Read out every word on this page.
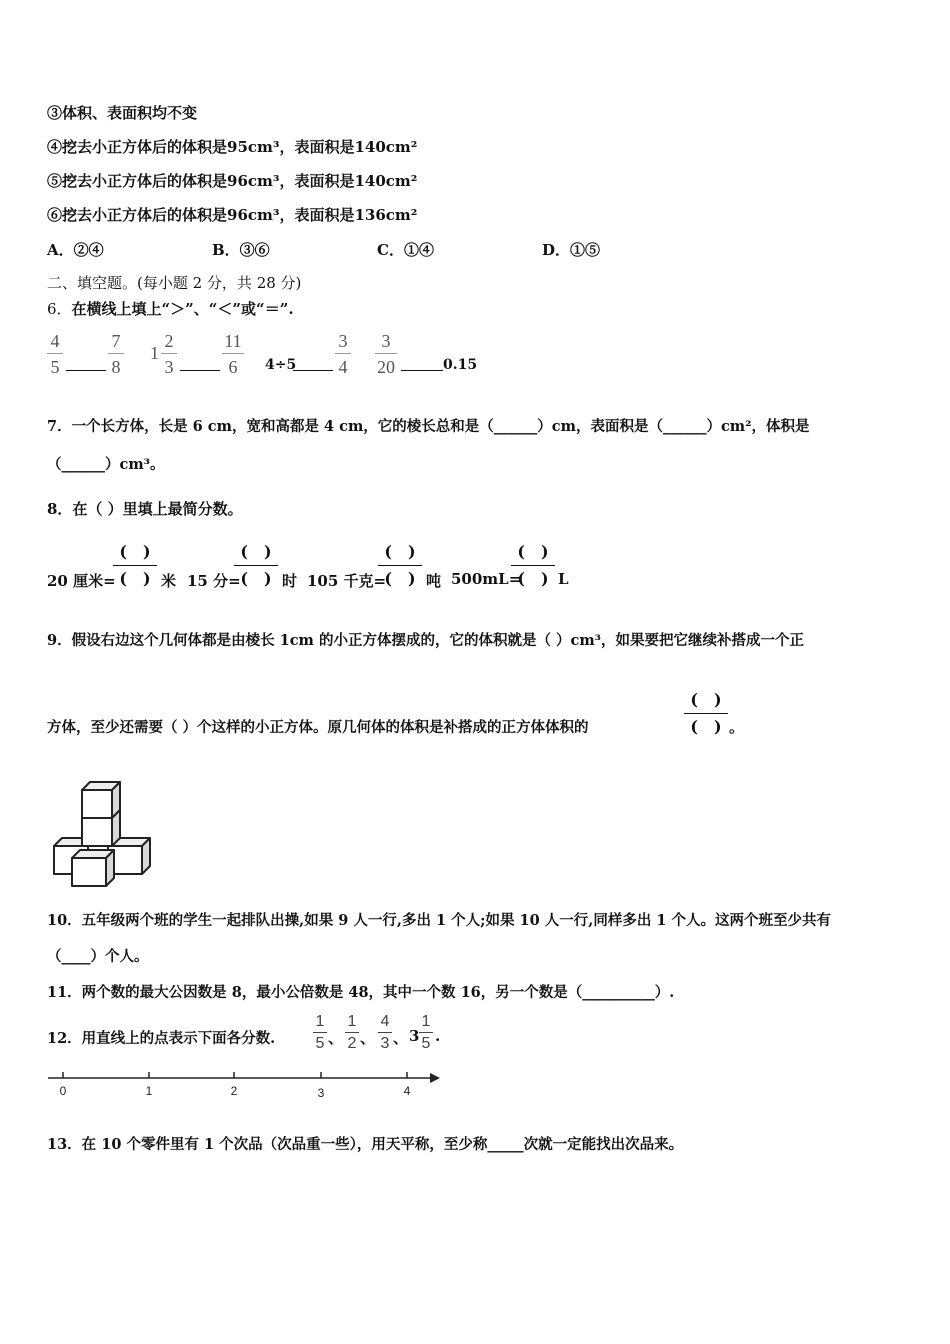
③体积、表面积均不变
④挖去小正方体后的体积是95cm³，表面积是140cm²
⑤挖去小正方体后的体积是96cm³，表面积是140cm²
⑥挖去小正方体后的体积是96cm³，表面积是136cm²
A．②④	B．③⑥	C．①④	D．①⑤
二、填空题。(每小题 2 分，共 28 分)
6．在横线上填上“＞”、“＜”或“＝”.
4
5
7
8
1
2
3
11
6	4÷5
3
4
3
20	0.15
7．一个长方体，长是 6 cm，宽和高都是 4 cm，它的棱长总和是（______）cm，表面积是（______）cm²，体积是
（______）cm³。
8．在（ ）里填上最简分数。
20 厘米=
(　)
(　) 米 15 分=
(　)
(　) 时 105 千克=
(　)
(　) 吨 500mL=
(　)
(　) L
9．假设右边这个几何体都是由棱长 1cm 的小正方体摆成的，它的体积就是（ ）cm³，如果要把它继续补搭成一个正
方体，至少还需要（ ）个这样的小正方体。原几何体的体积是补搭成的正方体体积的
(　)
(　) 。
10．五年级两个班的学生一起排队出操,如果 9 人一行,多出 1 个人;如果 10 人一行,同样多出 1 个人。这两个班至少共有
（____）个人。
11．两个数的最大公因数是 8，最小公倍数是 48，其中一个数 16，另一个数是（__________）.
12．用直线上的点表示下面各分数.
1
5 、
1
2 、
4
3 、 3
1
5 .
0	1	2	3	4
13．在 10 个零件里有 1 个次品（次品重一些），用天平称，至少称_____次就一定能找出次品来。
